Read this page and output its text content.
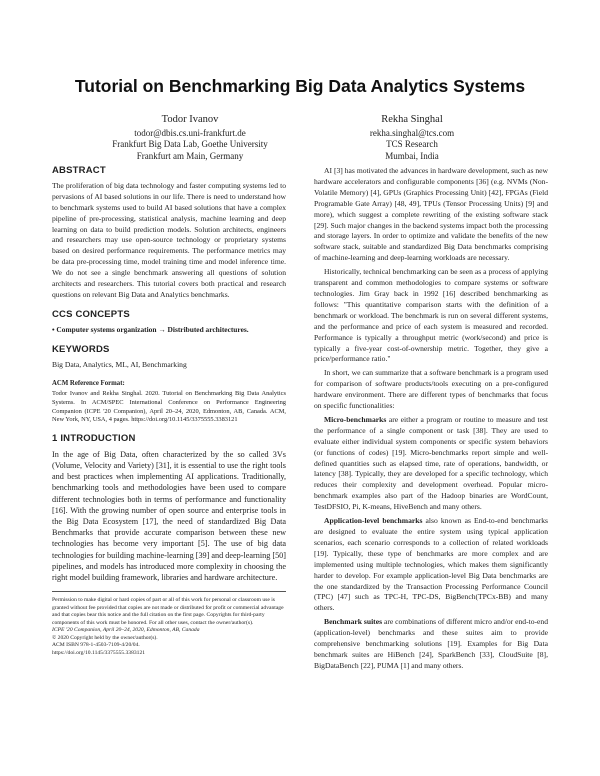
Tutorial on Benchmarking Big Data Analytics Systems
Todor Ivanov
todor@dbis.cs.uni-frankfurt.de
Frankfurt Big Data Lab, Goethe University
Frankfurt am Main, Germany
Rekha Singhal
rekha.singhal@tcs.com
TCS Research
Mumbai, India
ABSTRACT

The proliferation of big data technology and faster computing systems led to pervasions of AI based solutions in our life. There is need to understand how to benchmark systems used to build AI based solutions that have a complex pipeline of pre-processing, statistical analysis, machine learning and deep learning on data to build prediction models. Solution architects, engineers and researchers may use open-source technology or proprietary systems based on desired performance requirements. The performance metrics may be data pre-processing time, model training time and model inference time. We do not see a single benchmark answering all questions of solution architects and researchers. This tutorial covers both practical and research questions on relevant Big Data and Analytics benchmarks.

CCS CONCEPTS

• Computer systems organization → Distributed architectures.

KEYWORDS

Big Data, Analytics, ML, AI, Benchmarking

ACM Reference Format:

Todor Ivanov and Rekha Singhal. 2020. Tutorial on Benchmarking Big Data Analytics Systems. In ACM/SPEC International Conference on Performance Engineering Companion (ICPE '20 Companion), April 20–24, 2020, Edmonton, AB, Canada. ACM, New York, NY, USA, 4 pages. https://doi.org/10.1145/3375555.3383121

1 INTRODUCTION

In the age of Big Data, often characterized by the so called 3Vs (Volume, Velocity and Variety) [31], it is essential to use the right tools and best practices when implementing AI applications. Traditionally, benchmarking tools and methodologies have been used to compare different technologies both in terms of performance and functionality [16]. With the growing number of open source and enterprise tools in the Big Data Ecosystem [17], the need of standardized Big Data Benchmarks that provide accurate comparison between these new technologies has become very important [5]. The use of big data technologies for building machine-learning [39] and deep-learning [50] pipelines, and models has introduced more complexity in choosing the right model building framework, libraries and hardware architecture.

Permission to make digital or hard copies of part or all of this work for personal or classroom use is granted without fee provided that copies are not made or distributed for profit or commercial advantage and that copies bear this notice and the full citation on the first page. Copyrights for third-party components of this work must be honored. For all other uses, contact the owner/author(s).
ICPE '20 Companion, April 20–24, 2020, Edmonton, AB, Canada
© 2020 Copyright held by the owner/author(s).
ACM ISBN 978-1-4503-7109-4/20/04.
https://doi.org/10.1145/3375555.3383121

AI [3] has motivated the advances in hardware development, such as new hardware accelerators and configurable components [36] (e.g. NVMs (Non-Volatile Memory) [4], GPUs (Graphics Processing Unit) [42], FPGAs (Field Programable Gate Array) [48, 49], TPUs (Tensor Processing Units) [9] and more), which suggest a complete rewriting of the existing software stack [29]. Such major changes in the backend systems impact both the processing and storage layers. In order to optimize and validate the benefits of the new software stack, suitable and standardized Big Data benchmarks comprising of machine-learning and deep-learning workloads are necessary.

Historically, technical benchmarking can be seen as a process of applying transparent and common methodologies to compare systems or software technologies. Jim Gray back in 1992 [16] described benchmarking as follows: "This quantitative comparison starts with the definition of a benchmark or workload. The benchmark is run on several different systems, and the performance and price of each system is measured and recorded. Performance is typically a throughput metric (work/second) and price is typically a five-year cost-of-ownership metric. Together, they give a price/performance ratio."

In short, we can summarize that a software benchmark is a program used for comparison of software products/tools executing on a pre-configured hardware environment. There are different types of benchmarks that focus on specific functionalities:

Micro-benchmarks are either a program or routine to measure and test the performance of a single component or task [38]. They are used to evaluate either individual system components or specific system behaviors (or functions of codes) [19]. Micro-benchmarks report simple and well-defined quantities such as elapsed time, rate of operations, bandwidth, or latency [38]. Typically, they are developed for a specific technology, which reduces their complexity and development overhead. Popular micro-benchmark examples also part of the Hadoop binaries are WordCount, TestDFSIO, Pi, K-means, HiveBench and many others.

Application-level benchmarks also known as End-to-end benchmarks are designed to evaluate the entire system using typical application scenarios, each scenario corresponds to a collection of related workloads [19]. Typically, these type of benchmarks are more complex and are implemented using multiple technologies, which makes them significantly harder to develop. For example application-level Big Data benchmarks are the one standardized by the Transaction Processing Performance Council (TPC) [47] such as TPC-H, TPC-DS, BigBench(TPCx-BB) and many others.

Benchmark suites are combinations of different micro and/or end-to-end (application-level) benchmarks and these suites aim to provide comprehensive benchmarking solutions [19]. Examples for Big Data benchmark suites are HiBench [24], SparkBench [33], CloudSuite [8], BigDataBench [22], PUMA [1] and many others.
